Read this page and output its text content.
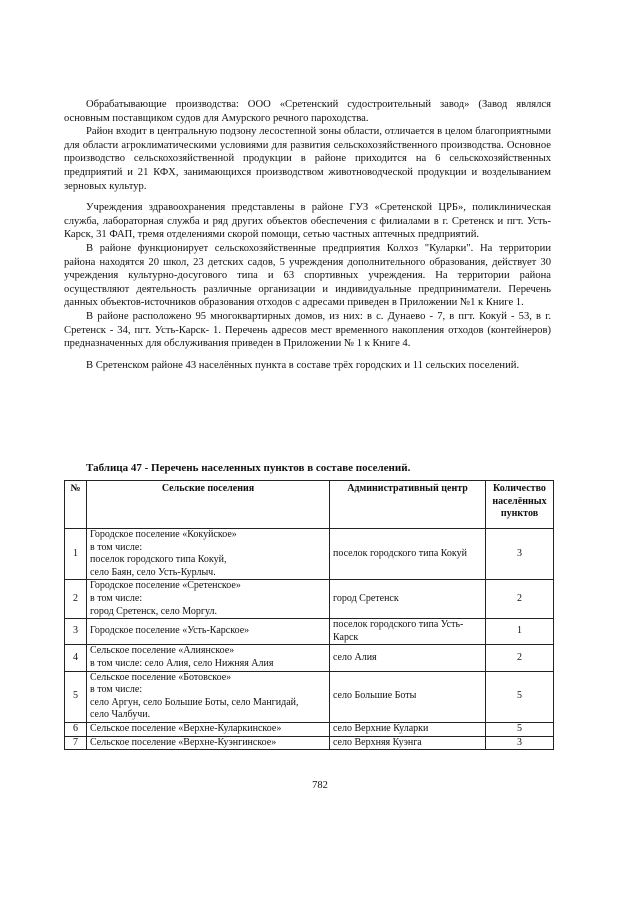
Обрабатывающие производства: ООО «Сретенский судостроительный завод» (Завод являлся основным поставщиком судов для Амурского речного пароходства.

Район входит в центральную подзону лесостепной зоны области, отличается в целом благоприятными для области агроклиматическими условиями для развития сельскохозяйственного производства. Основное производство сельскохозяйственной продукции в районе приходится на 6 сельскохозяйственных предприятий и 21 КФХ, занимающихся производством животноводческой продукции и возделыванием зерновых культур.

Учреждения здравоохранения представлены в районе ГУЗ «Сретенской ЦРБ», поликлиническая служба, лабораторная служба и ряд других объектов обеспечения с филиалами в г. Сретенск и пгт. Усть-Карск, 31 ФАП, тремя отделениями скорой помощи, сетью частных аптечных предприятий.

В районе функционирует сельскохозяйственные предприятия Колхоз "Куларки". На территории района находятся 20 школ, 23 детских садов, 5 учреждения дополнительного образования, действует 30 учреждения культурно-досугового типа и 63 спортивных учреждения. На территории района осуществляют деятельность различные организации и индивидуальные предприниматели. Перечень данных объектов-источников образования отходов с адресами приведен в Приложении №1 к Книге 1.

В районе расположено 95 многоквартирных домов, из них: в с. Дунаево - 7, в пгт. Кокуй - 53, в г. Сретенск - 34, пгт. Усть-Карск- 1. Перечень адресов мест временного накопления отходов (контейнеров) предназначенных для обслуживания приведен в Приложении № 1 к Книге 4.

В Сретенском районе 43 населённых пункта в составе трёх городских и 11 сельских поселений.

Таблица 47 - Перечень населенных пунктов в составе поселений.
№	Сельские поселения	Административный центр	Количество населённых пунктов
1	Городское поселение «Кокуйское»
в том числе:
поселок городского типа Кокуй,
село Баян, село Усть-Курлыч.	поселок городского типа Кокуй	3
2	Городское поселение «Сретенское»
в том числе:
город Сретенск, село Моргул.	город Сретенск	2
3	Городское поселение «Усть-Карское»	поселок городского типа Усть-Карск	1
4	Сельское поселение «Алиянское»
в том числе: село Алия, село Нижняя Алия	село Алия	2
5	Сельское поселение «Ботовское»
в том числе:
село Аргун, село Большие Боты, село Мангидай,
село Чалбучи.	село Большие Боты	5
6	Сельское поселение «Верхне-Куларкинское»	село Верхние Куларки	5
7	Сельское поселение «Верхне-Куэнгинское»	село Верхняя Куэнга	3
782
